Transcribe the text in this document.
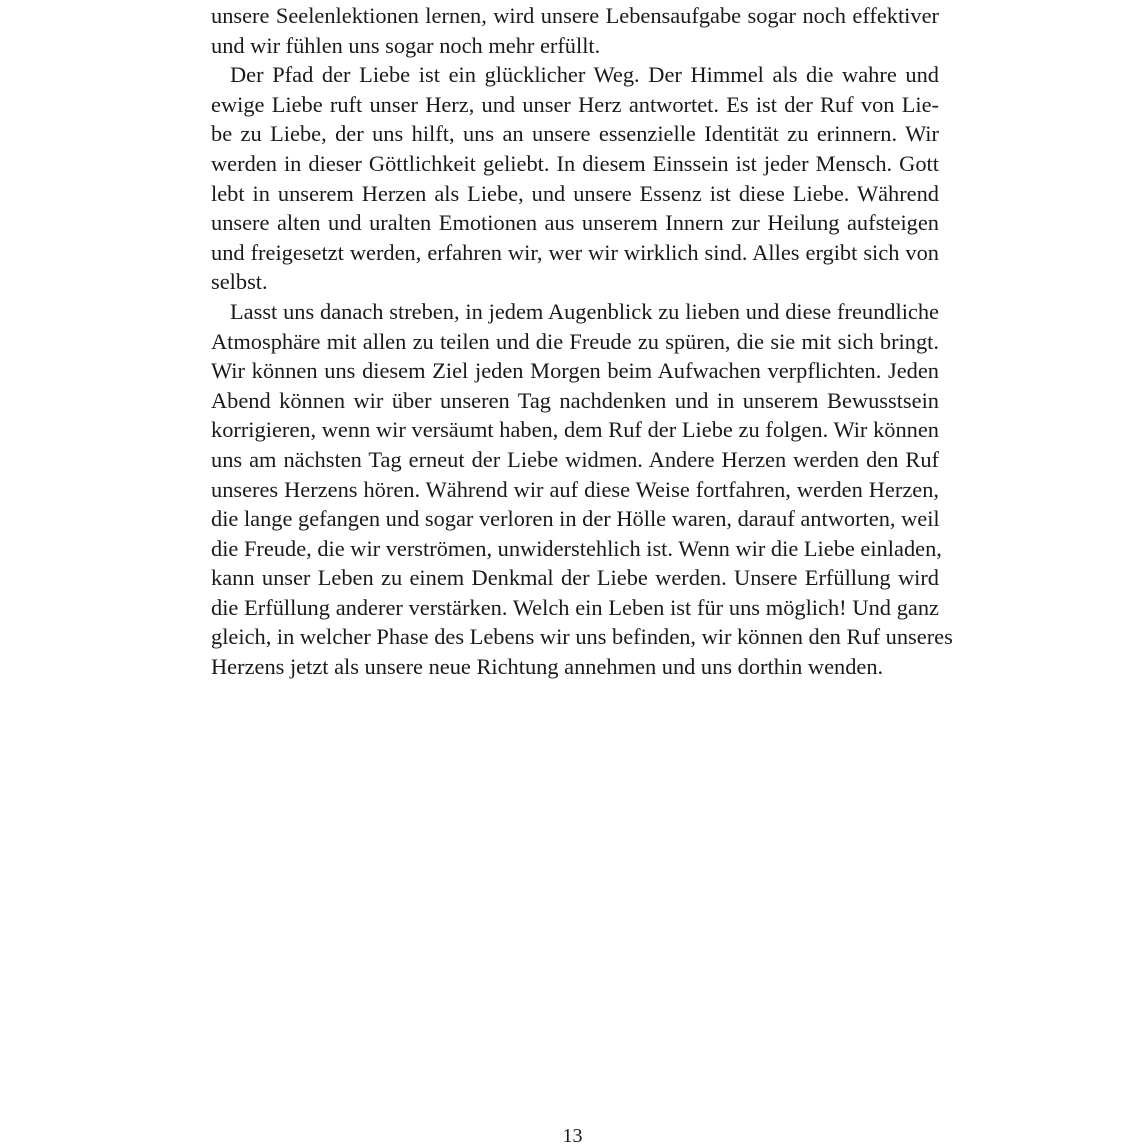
unsere Seelenlektionen lernen, wird unsere Lebensaufgabe sogar noch effektiver
und wir fühlen uns sogar noch mehr erfüllt.
Der Pfad der Liebe ist ein glücklicher Weg. Der Himmel als die wahre und
ewige Liebe ruft unser Herz, und unser Herz antwortet. Es ist der Ruf von Lie-
be zu Liebe, der uns hilft, uns an unsere essenzielle Identität zu erinnern. Wir
werden in dieser Göttlichkeit geliebt. In diesem Einssein ist jeder Mensch. Gott
lebt in unserem Herzen als Liebe, und unsere Essenz ist diese Liebe. Während
unsere alten und uralten Emotionen aus unserem Innern zur Heilung aufsteigen
und freigesetzt werden, erfahren wir, wer wir wirklich sind. Alles ergibt sich von
selbst.
Lasst uns danach streben, in jedem Augenblick zu lieben und diese freundliche
Atmosphäre mit allen zu teilen und die Freude zu spüren, die sie mit sich bringt.
Wir können uns diesem Ziel jeden Morgen beim Aufwachen verpflichten. Jeden
Abend können wir über unseren Tag nachdenken und in unserem Bewusstsein
korrigieren, wenn wir versäumt haben, dem Ruf der Liebe zu folgen. Wir können
uns am nächsten Tag erneut der Liebe widmen. Andere Herzen werden den Ruf
unseres Herzens hören. Während wir auf diese Weise fortfahren, werden Herzen,
die lange gefangen und sogar verloren in der Hölle waren, darauf antworten, weil
die Freude, die wir verströmen, unwiderstehlich ist. Wenn wir die Liebe einladen,
kann unser Leben zu einem Denkmal der Liebe werden. Unsere Erfüllung wird
die Erfüllung anderer verstärken. Welch ein Leben ist für uns möglich! Und ganz
gleich, in welcher Phase des Lebens wir uns befinden, wir können den Ruf unseres
Herzens jetzt als unsere neue Richtung annehmen und uns dorthin wenden.
13
